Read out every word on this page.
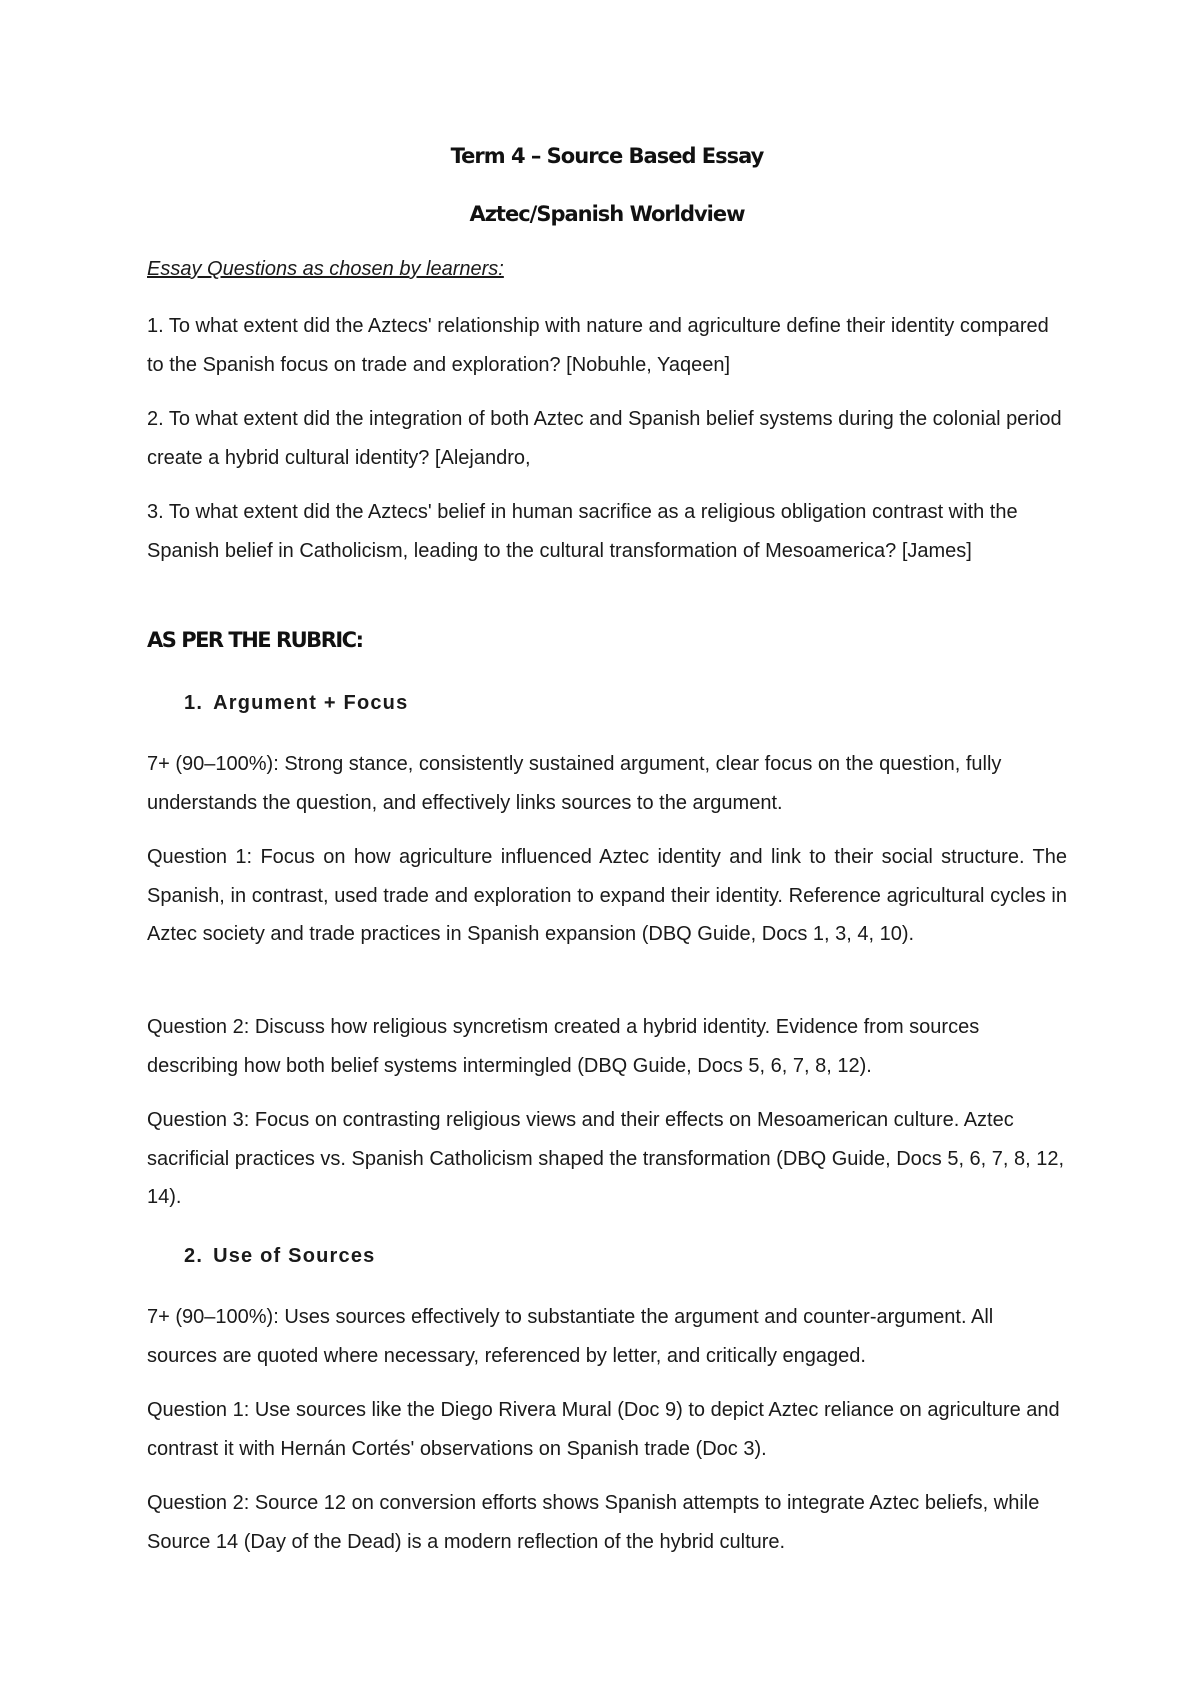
Term 4 – Source Based Essay
Aztec/Spanish Worldview
Essay Questions as chosen by learners:

1. To what extent did the Aztecs' relationship with nature and agriculture define their identity compared to the Spanish focus on trade and exploration? [Nobuhle, Yaqeen]

2. To what extent did the integration of both Aztec and Spanish belief systems during the colonial period create a hybrid cultural identity? [Alejandro,

3. To what extent did the Aztecs' belief in human sacrifice as a religious obligation contrast with the Spanish belief in Catholicism, leading to the cultural transformation of Mesoamerica? [James]

AS PER THE RUBRIC:
1. Argument + Focus

7+ (90–100%): Strong stance, consistently sustained argument, clear focus on the question, fully understands the question, and effectively links sources to the argument.

Question 1: Focus on how agriculture influenced Aztec identity and link to their social structure. The Spanish, in contrast, used trade and exploration to expand their identity. Reference agricultural cycles in Aztec society and trade practices in Spanish expansion (DBQ Guide, Docs 1, 3, 4, 10).

Question 2: Discuss how religious syncretism created a hybrid identity. Evidence from sources describing how both belief systems intermingled (DBQ Guide, Docs 5, 6, 7, 8, 12).

Question 3: Focus on contrasting religious views and their effects on Mesoamerican culture. Aztec sacrificial practices vs. Spanish Catholicism shaped the transformation (DBQ Guide, Docs 5, 6, 7, 8, 12, 14).

2. Use of Sources

7+ (90–100%): Uses sources effectively to substantiate the argument and counter-argument. All sources are quoted where necessary, referenced by letter, and critically engaged.

Question 1: Use sources like the Diego Rivera Mural (Doc 9) to depict Aztec reliance on agriculture and contrast it with Hernán Cortés' observations on Spanish trade (Doc 3).

Question 2: Source 12 on conversion efforts shows Spanish attempts to integrate Aztec beliefs, while Source 14 (Day of the Dead) is a modern reflection of the hybrid culture.
